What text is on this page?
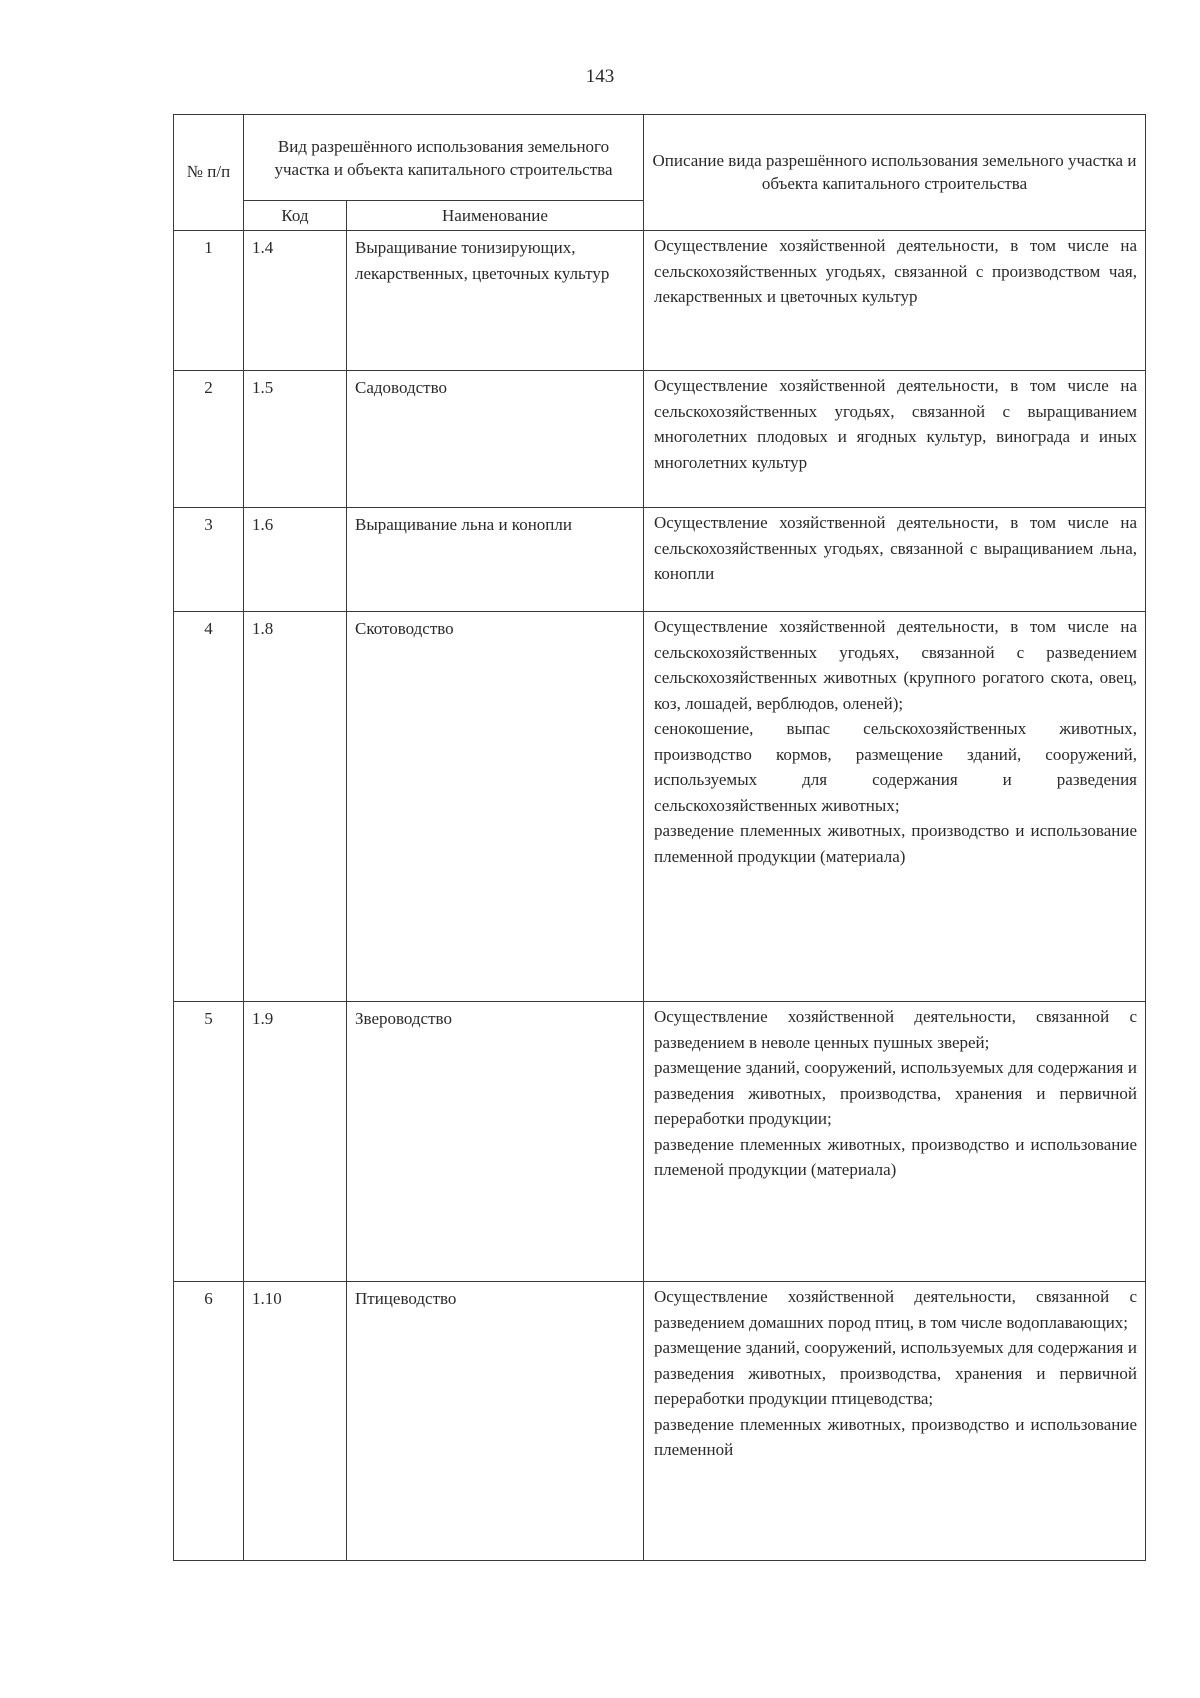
143
№ п/п	Вид разрешённого использования земельного участка и объекта капитального строительства		Описание вида разрешённого использования земельного участка и объекта капитального строительства
	Код	Наименование	
1	1.4	Выращивание тонизирующих, лекарственных, цветочных культур	Осуществление хозяйственной деятельности, в том числе на сельскохозяйственных угодьях, связанной с производством чая, лекарственных и цветочных культур

2	1.5	Садоводство	Осуществление хозяйственной деятельности, в том числе на сельскохозяйственных угодьях, связанной с выращиванием многолетних плодовых и ягодных культур, винограда и иных многолетних культур

3	1.6	Выращивание льна и конопли	Осуществление хозяйственной деятельности, в том числе на сельскохозяйственных угодьях, связанной с выращиванием льна, конопли

4	1.8	Скотоводство	Осуществление хозяйственной деятельности, в том числе на сельскохозяйственных угодьях, связанной с разведением сельскохозяйственных животных (крупного рогатого скота, овец, коз, лошадей, верблюдов, оленей);

сенокошение, выпас сельскохозяйственных животных, производство кормов, размещение зданий, сооружений, используемых для содержания и разведения сельскохозяйственных животных;

разведение племенных животных, производство и использование племенной продукции (материала)

5	1.9	Звероводство	Осуществление хозяйственной деятельности, связанной с разведением в неволе ценных пушных зверей;

размещение зданий, сооружений, используемых для содержания и разведения животных, производства, хранения и первичной переработки продукции;

разведение племенных животных, производство и использование племеной продукции (материала)

6	1.10	Птицеводство	Осуществление хозяйственной деятельности, связанной с разведением домашних пород птиц, в том числе водоплавающих;

размещение зданий, сооружений, используемых для содержания и разведения животных, производства, хранения и первичной переработки продукции птицеводства;

разведение племенных животных, производство и использование племенной
